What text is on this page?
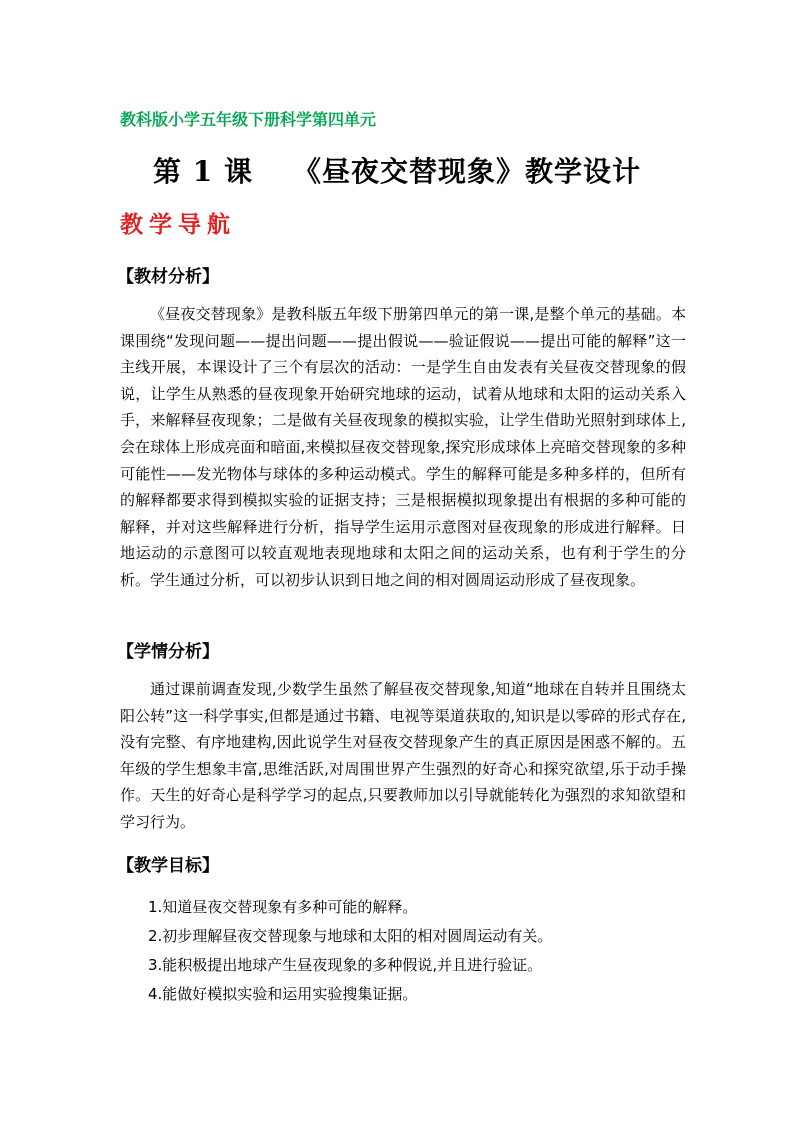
教科版小学五年级下册科学第四单元
第 1 课 《昼夜交替现象》教学设计
教学导航
【教材分析】
《昼夜交替现象》是教科版五年级下册第四单元的第一课,是整个单元的基础。本课围绕“发现问题——提出问题——提出假说——验证假说——提出可能的解释”这一主线开展，本课设计了三个有层次的活动：一是学生自由发表有关昼夜交替现象的假说，让学生从熟悉的昼夜现象开始研究地球的运动，试着从地球和太阳的运动关系入手，来解释昼夜现象；二是做有关昼夜现象的模拟实验，让学生借助光照射到球体上,会在球体上形成亮面和暗面,来模拟昼夜交替现象,探究形成球体上亮暗交替现象的多种可能性——发光物体与球体的多种运动模式。学生的解释可能是多种多样的，但所有的解释都要求得到模拟实验的证据支持；三是根据模拟现象提出有根据的多种可能的解释，并对这些解释进行分析，指导学生运用示意图对昼夜现象的形成进行解释。日地运动的示意图可以较直观地表现地球和太阳之间的运动关系，也有利于学生的分析。学生通过分析，可以初步认识到日地之间的相对圆周运动形成了昼夜现象。
【学情分析】
通过课前调查发现,少数学生虽然了解昼夜交替现象,知道“地球在自转并且围绕太阳公转”这一科学事实,但都是通过书籍、电视等渠道获取的,知识是以零碎的形式存在,没有完整、有序地建构,因此说学生对昼夜交替现象产生的真正原因是困惑不解的。五年级的学生想象丰富,思维活跃,对周围世界产生强烈的好奇心和探究欲望,乐于动手操作。天生的好奇心是科学学习的起点,只要教师加以引导就能转化为强烈的求知欲望和学习行为。
【教学目标】
1.知道昼夜交替现象有多种可能的解释。
2.初步理解昼夜交替现象与地球和太阳的相对圆周运动有关。
3.能积极提出地球产生昼夜现象的多种假说,并且进行验证。
4.能做好模拟实验和运用实验搜集证据。
